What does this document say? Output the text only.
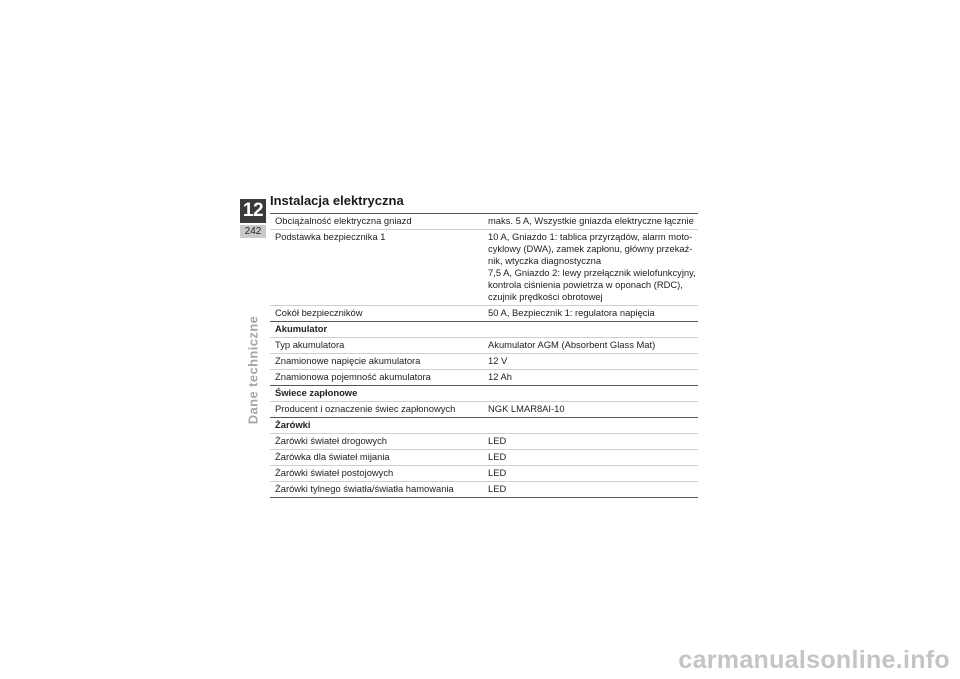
12
242
Dane techniczne
Instalacja elektryczna
Obciążalność elektryczna gniazd	maks. 5 A, Wszystkie gniazda elektryczne łącznie
Podstawka bezpiecznika 1	10 A, Gniazdo 1: tablica przyrządów, alarm moto-
cyklowy (DWA), zamek zapłonu, główny przekaź-
nik, wtyczka diagnostyczna
7,5 A, Gniazdo 2: lewy przełącznik wielofunkcyjny,
kontrola ciśnienia powietrza w oponach (RDC),
czujnik prędkości obrotowej
Cokół bezpieczników	50 A, Bezpiecznik 1: regulatora napięcia
Akumulator
Typ akumulatora	Akumulator AGM (Absorbent Glass Mat)
Znamionowe napięcie akumulatora	12 V
Znamionowa pojemność akumulatora	12 Ah
Świece zapłonowe
Producent i oznaczenie świec zapłonowych	NGK LMAR8AI-10
Żarówki
Żarówki świateł drogowych	LED
Żarówka dla świateł mijania	LED
Żarówki świateł postojowych	LED
Żarówki tylnego światła/światła hamowania	LED
carmanualsonline.info
